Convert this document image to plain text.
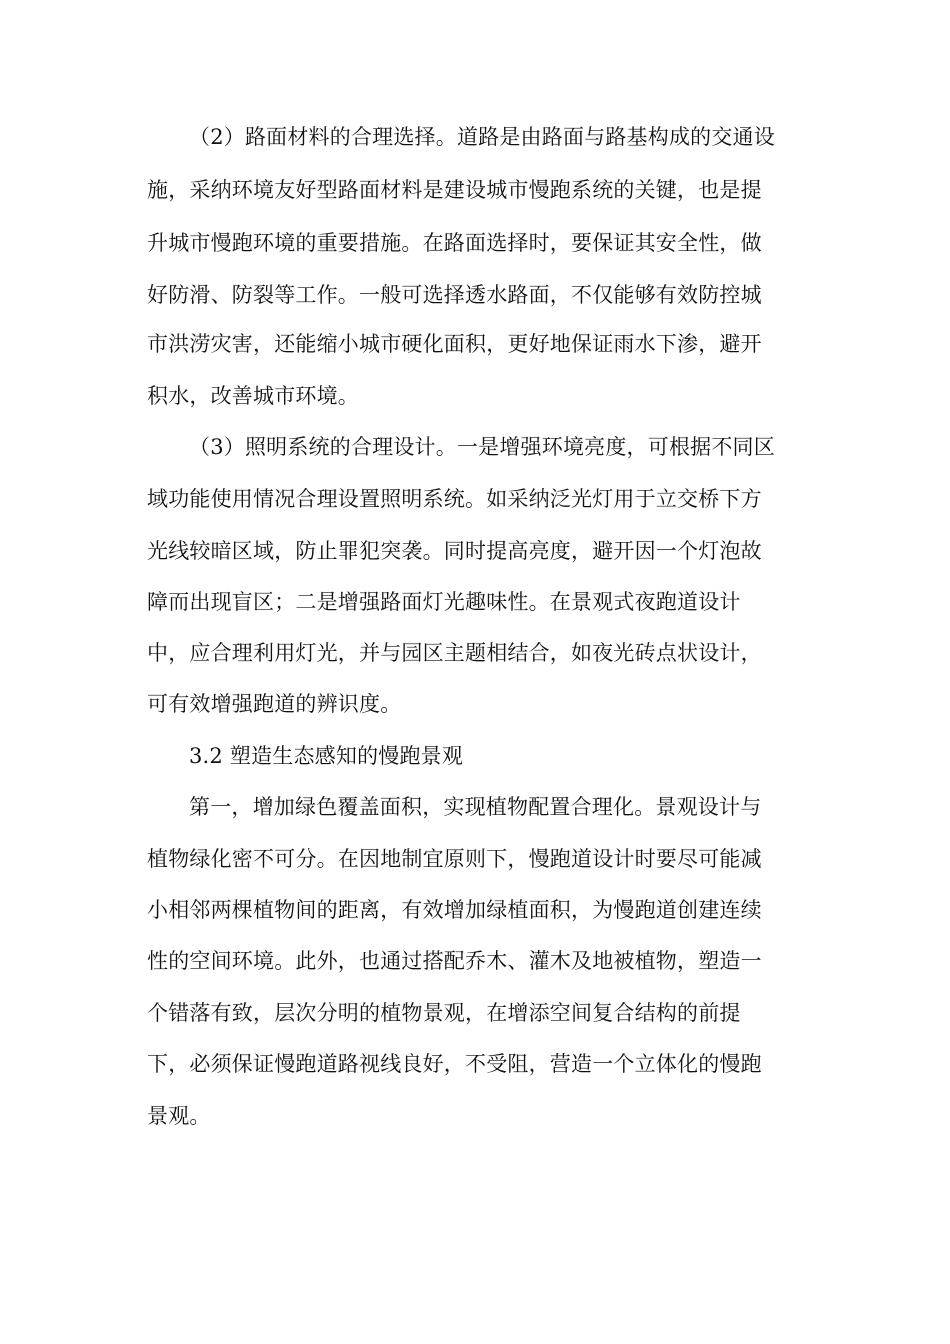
（2）路面材料的合理选择。道路是由路面与路基构成的交通设
施，采纳环境友好型路面材料是建设城市慢跑系统的关键，也是提
升城市慢跑环境的重要措施。在路面选择时，要保证其安全性，做
好防滑、防裂等工作。一般可选择透水路面，不仅能够有效防控城
市洪涝灾害，还能缩小城市硬化面积，更好地保证雨水下渗，避开
积水，改善城市环境。
（3）照明系统的合理设计。一是增强环境亮度，可根据不同区
域功能使用情况合理设置照明系统。如采纳泛光灯用于立交桥下方
光线较暗区域，防止罪犯突袭。同时提高亮度，避开因一个灯泡故
障而出现盲区；二是增强路面灯光趣味性。在景观式夜跑道设计
中，应合理利用灯光，并与园区主题相结合，如夜光砖点状设计，
可有效增强跑道的辨识度。
3.2 塑造生态感知的慢跑景观
第一，增加绿色覆盖面积，实现植物配置合理化。景观设计与
植物绿化密不可分。在因地制宜原则下，慢跑道设计时要尽可能减
小相邻两棵植物间的距离，有效增加绿植面积，为慢跑道创建连续
性的空间环境。此外，也通过搭配乔木、灌木及地被植物，塑造一
个错落有致，层次分明的植物景观，在增添空间复合结构的前提
下，必须保证慢跑道路视线良好，不受阻，营造一个立体化的慢跑
景观。
